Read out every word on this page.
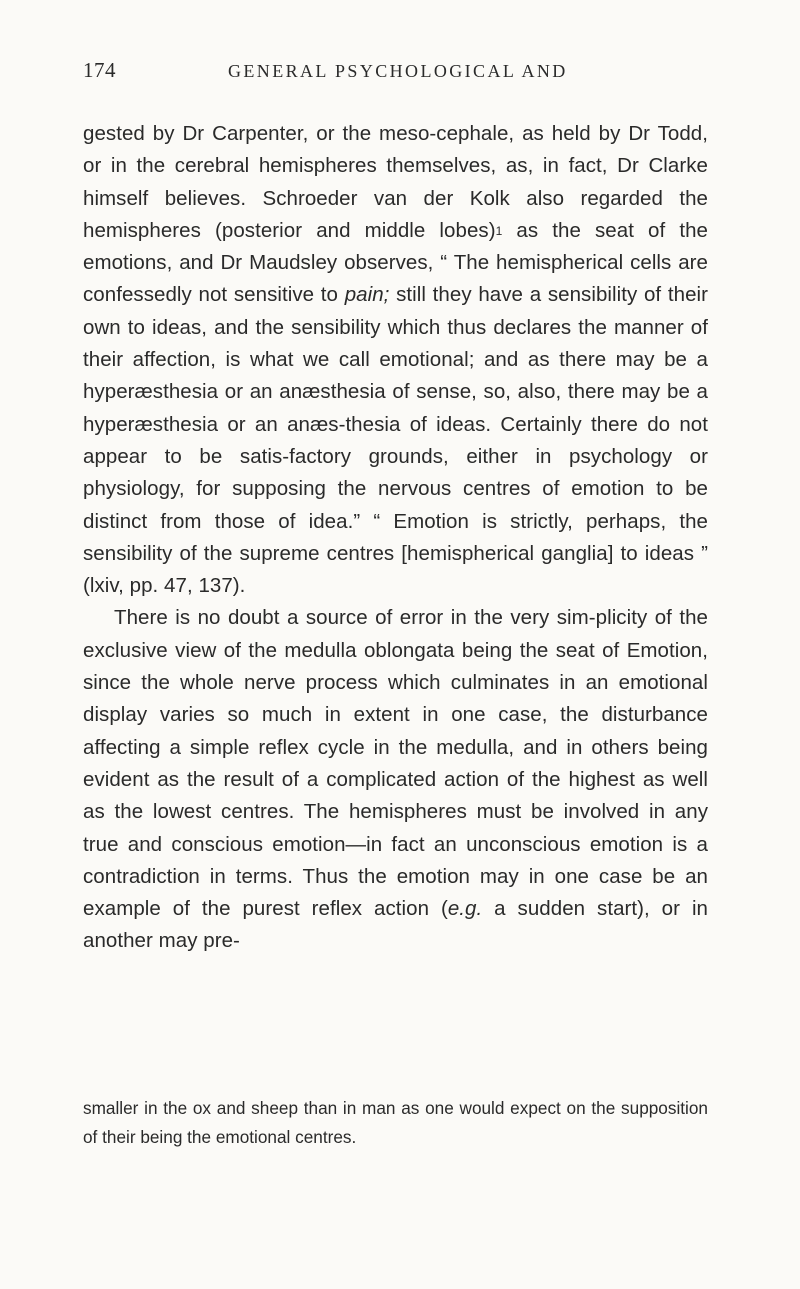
174	GENERAL PSYCHOLOGICAL AND

gested by Dr Carpenter, or the meso-cephale, as held by Dr Todd, or in the cerebral hemispheres themselves, as, in fact, Dr Clarke himself believes. Schroeder van der Kolk also regarded the hemispheres (posterior and middle lobes)$^1$ as the seat of the emotions, and Dr Maudsley observes, “ The hemispherical cells are confessedly not sensitive to pain; still they have a sensibility of their own to ideas, and the sensibility which thus declares the manner of their affection, is what we call emotional; and as there may be a hyperæsthesia or an anæsthesia of sense, so, also, there may be a hyperæsthesia or an anæs-thesia of ideas. Certainly there do not appear to be satis-factory grounds, either in psychology or physiology, for supposing the nervous centres of emotion to be distinct from those of idea.” “ Emotion is strictly, perhaps, the sensibility of the supreme centres [hemispherical ganglia] to ideas ” (lxiv, pp. 47, 137).

There is no doubt a source of error in the very sim-plicity of the exclusive view of the medulla oblongata being the seat of Emotion, since the whole nerve process which culminates in an emotional display varies so much in extent in one case, the disturbance affecting a simple reflex cycle in the medulla, and in others being evident as the result of a complicated action of the highest as well as the lowest centres. The hemispheres must be involved in any true and conscious emotion—in fact an unconscious emotion is a contradiction in terms. Thus the emotion may in one case be an example of the purest reflex action (e.g. a sudden start), or in another may pre-

smaller in the ox and sheep than in man as one would expect on the supposition of their being the emotional centres.
